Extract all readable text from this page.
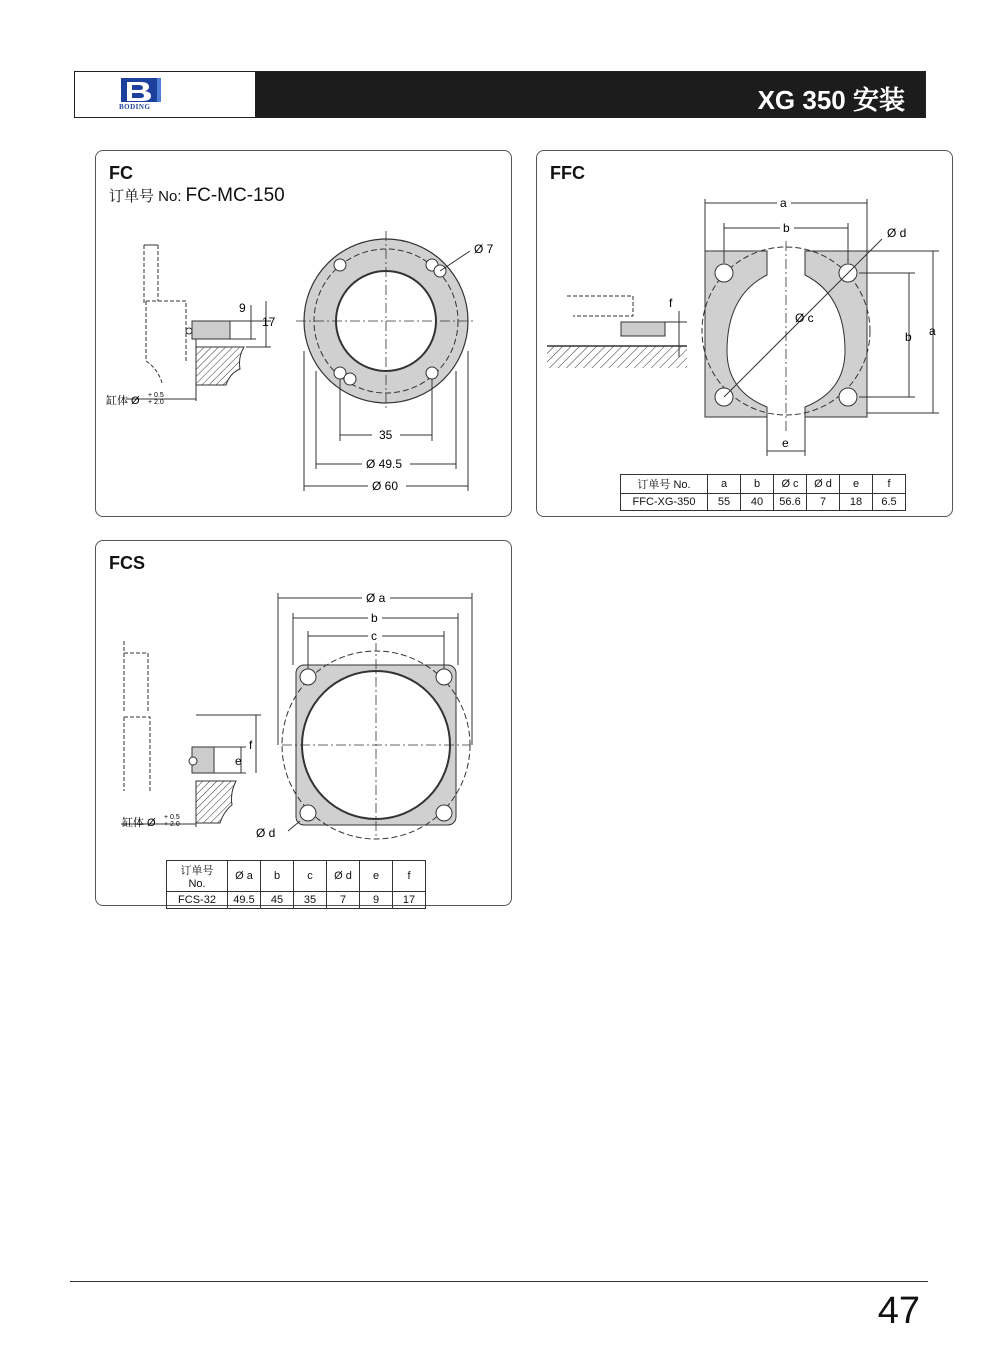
BODING	XG 350 安装
FC
订单号 No: FC-MC-150
9
17
缸体 Ø + 0.5
+ 2.0
Ø 7
35
Ø 49.5
Ø 60
FFC
f
a
b	Ø d
Ø c
b a
e
订单号 No.	a	b	Ø c	Ø d	e	f
FFC-XG-350	55	40	56.6	7	18	6.5
FCS
e
f
缸体 Ø + 0.5
+ 2.0
Ø a
b
c
Ø d
订单号 No.	Ø a	b	c	Ø d	e	f
FCS-32	49.5	45	35	7	9	17
47
